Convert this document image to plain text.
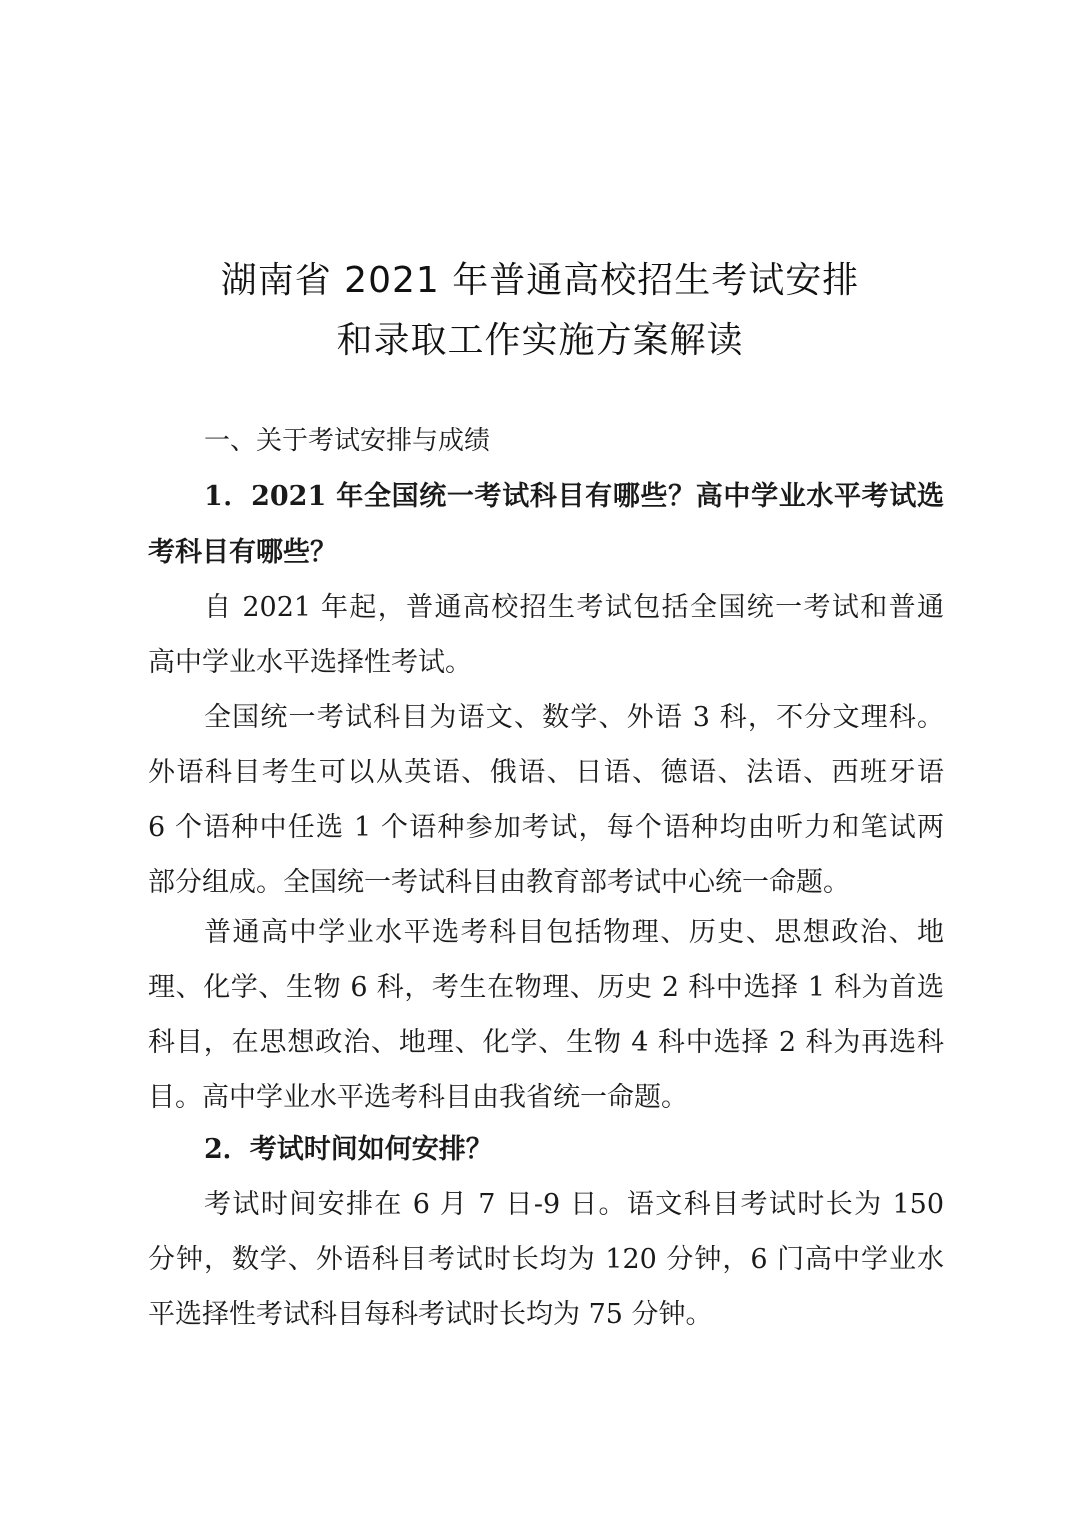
湖南省 2021 年普通高校招生考试安排
和录取工作实施方案解读
一、关于考试安排与成绩
1．2021 年全国统一考试科目有哪些？高中学业水平考试选
考科目有哪些？
自 2021 年起，普通高校招生考试包括全国统一考试和普通
高中学业水平选择性考试。
全国统一考试科目为语文、数学、外语 3 科，不分文理科。
外语科目考生可以从英语、俄语、日语、德语、法语、西班牙语
6 个语种中任选 1 个语种参加考试，每个语种均由听力和笔试两
部分组成。全国统一考试科目由教育部考试中心统一命题。
普通高中学业水平选考科目包括物理、历史、思想政治、地
理、化学、生物 6 科，考生在物理、历史 2 科中选择 1 科为首选
科目，在思想政治、地理、化学、生物 4 科中选择 2 科为再选科
目。高中学业水平选考科目由我省统一命题。
2．考试时间如何安排？
考试时间安排在 6 月 7 日-9 日。语文科目考试时长为 150
分钟，数学、外语科目考试时长均为 120 分钟，6 门高中学业水
平选择性考试科目每科考试时长均为 75 分钟。
